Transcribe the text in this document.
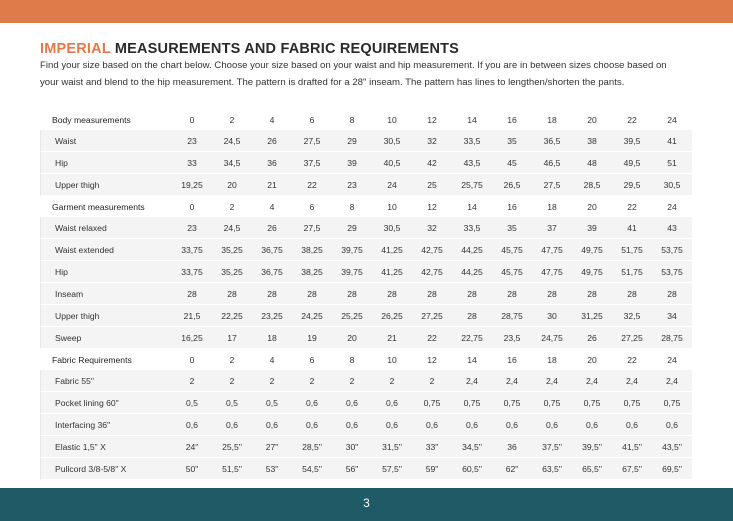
IMPERIAL MEASUREMENTS AND FABRIC REQUIREMENTS
Find your size based on the chart below. Choose your size based on your waist and hip measurement. If you are in between sizes choose based on your waist and blend to the hip measurement. The pattern is drafted for a 28" inseam. The pattern has lines to lengthen/shorten the pants.
Body measurements	0	2	4	6	8	10	12	14	16	18	20	22	24
Waist	23	24,5	26	27,5	29	30,5	32	33,5	35	36,5	38	39,5	41
Hip	33	34,5	36	37,5	39	40,5	42	43,5	45	46,5	48	49,5	51
Upper thigh	19,25	20	21	22	23	24	25	25,75	26,5	27,5	28,5	29,5	30,5
Garment measurements	0	2	4	6	8	10	12	14	16	18	20	22	24
Waist relaxed	23	24,5	26	27,5	29	30,5	32	33,5	35	37	39	41	43
Waist extended	33,75	35,25	36,75	38,25	39,75	41,25	42,75	44,25	45,75	47,75	49,75	51,75	53,75
Hip	33,75	35,25	36,75	38,25	39,75	41,25	42,75	44,25	45,75	47,75	49,75	51,75	53,75
Inseam	28	28	28	28	28	28	28	28	28	28	28	28	28
Upper thigh	21,5	22,25	23,25	24,25	25,25	26,25	27,25	28	28,75	30	31,25	32,5	34
Sweep	16,25	17	18	19	20	21	22	22,75	23,5	24,75	26	27,25	28,75
Fabric Requirements	0	2	4	6	8	10	12	14	16	18	20	22	24
Fabric 55"	2	2	2	2	2	2	2	2,4	2,4	2,4	2,4	2,4	2,4
Pocket lining 60"	0,5	0,5	0,5	0,6	0,6	0,6	0,75	0,75	0,75	0,75	0,75	0,75	0,75
Interfacing 36"	0,6	0,6	0,6	0,6	0,6	0,6	0,6	0,6	0,6	0,6	0,6	0,6	0,6
Elastic 1,5" X	24"	25,5"	27"	28,5"	30"	31,5"	33"	34,5"	36	37,5"	39,5"	41,5"	43,5"
Pullcord 3/8-5/8" X	50"	51,5"	53"	54,5"	56"	57,5"	59"	60,5"	62"	63,5"	65,5"	67,5"	69,5"
3
